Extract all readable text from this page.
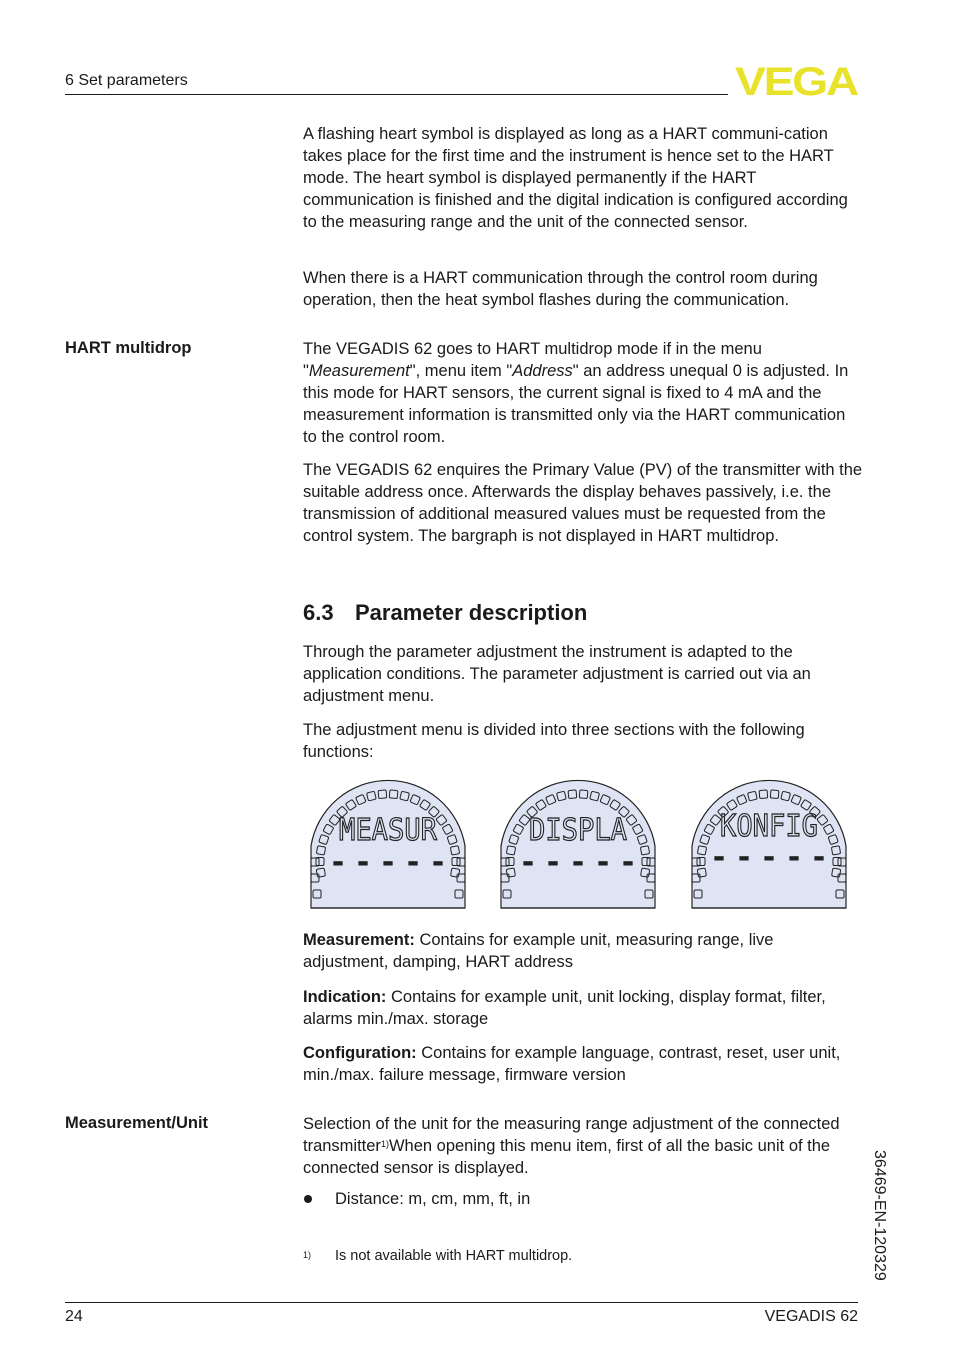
6 Set parameters	VEGA

A flashing heart symbol is displayed as long as a HART communi-cation takes place for the first time and the instrument is hence set to the HART mode. The heart symbol is displayed permanently if the HART communication is finished and the digital indication is configured according to the measuring range and the unit of the connected sensor.

When there is a HART communication through the control room during operation, then the heat symbol flashes during the communication.

HART multidrop	The VEGADIS 62 goes to HART multidrop mode if in the menu "Measurement", menu item "Address" an address unequal 0 is adjusted. In this mode for HART sensors, the current signal is fixed to 4 mA and the measurement information is transmitted only via the HART communication to the control room.

The VEGADIS 62 enquires the Primary Value (PV) of the transmitter with the suitable address once. Afterwards the display behaves passively, i.e. the transmission of additional measured values must be requested from the control system. The bargraph is not displayed in HART multidrop.

6.3 Parameter description

Through the parameter adjustment the instrument is adapted to the application conditions. The parameter adjustment is carried out via an adjustment menu.

The adjustment menu is divided into three sections with the following functions:

MEASUR
-----
DISPLA
-----
KONFIG
-----

Measurement: Contains for example unit, measuring range, live adjustment, damping, HART address

Indication: Contains for example unit, unit locking, display format, filter, alarms min./max. storage

Configuration: Contains for example language, contrast, reset, user unit, min./max. failure message, firmware version

Measurement/Unit	Selection of the unit for the measuring range adjustment of the connected transmitter$^{1)}$When opening this menu item, first of all the basic unit of the connected sensor is displayed.

Distance: m, cm, mm, ft, in
1) Is not available with HART multidrop.	36469-EN-120329
24	VEGADIS 62
